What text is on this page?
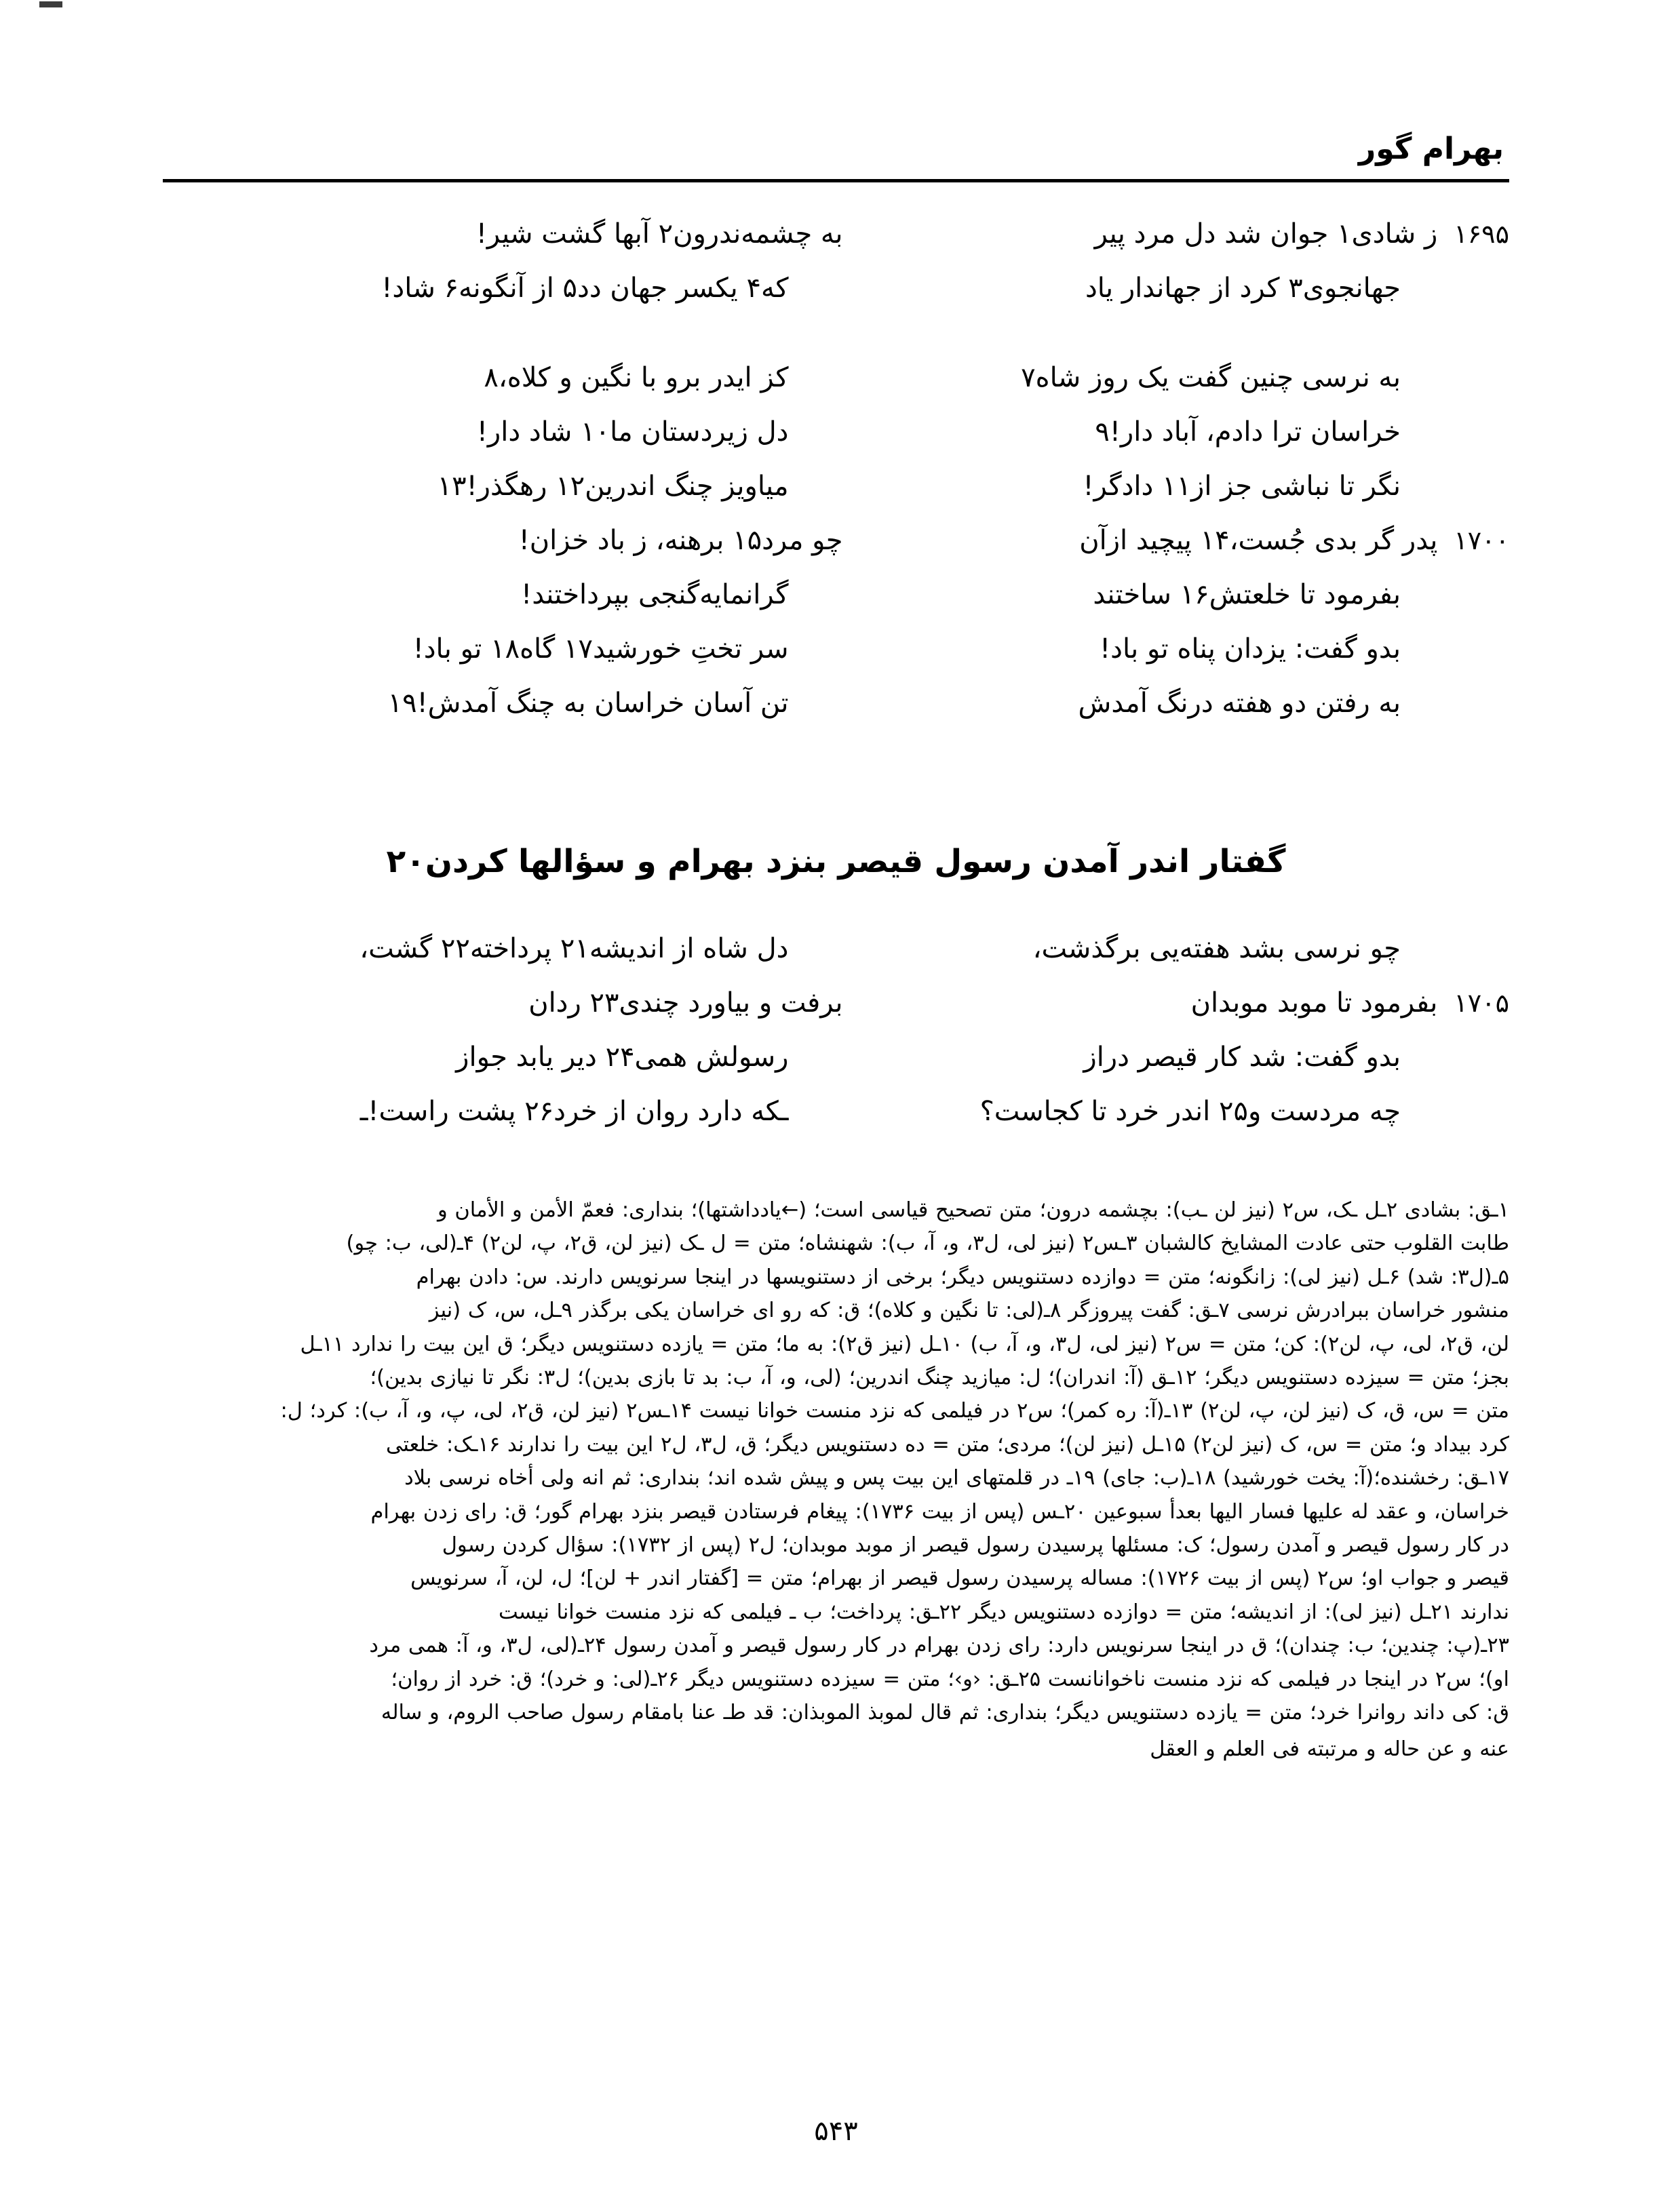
بهرام گور
۱۶۹۵ز شادی۱ جوان شد دل مرد پیر
به چشمه‌ندرون۲ آبها گشت شیر!
جهانجوی۳ کرد از جهاندار یاد
که۴ یکسر جهان دد۵ از آنگونه۶ شاد!
به نرسی چنین گفت یک روز شاه۷
کز ایدر برو با نگین و کلاه،۸
خراسان ترا دادم، آباد دار!۹
دل زیردستان ما۱۰ شاد دار!
نگر تا نباشی جز از۱۱ دادگر!
میاویز چنگ اندرین۱۲ رهگذر!۱۳
۱۷۰۰پدر گر بدی جُست،۱۴ پیچید ازآن
چو مرد۱۵ برهنه، ز باد خزان!
بفرمود تا خلعتش۱۶ ساختند
گرانمایه‌گنجی بپرداختند!
بدو گفت: یزدان پناه تو باد!
سر تختِ خورشید۱۷ گاه۱۸ تو باد!
به رفتن دو هفته درنگ آمدش
تن آسان خراسان به چنگ آمدش!۱۹
گفتار اندر آمدن رسول قیصر بنزد بهرام و سؤالها کردن۲۰
چو نرسی بشد هفته‌یی برگذشت،
دل شاه از اندیشه۲۱ پرداخته۲۲ گشت،
۱۷۰۵بفرمود تا موبد موبدان
برفت و بیاورد چندی۲۳ ردان
بدو گفت: شد کار قیصر دراز
رسولش همی۲۴ دیر یابد جواز
چه مردست و۲۵ اندر خرد تا کجاست؟
ـکه دارد روان از خرد۲۶ پشت راست!ـ
۱ـق: بشادی ۲ـل ـک، س۲ (نیز لن ـب): بچشمه درون؛ متن تصحیح قیاسی است؛ (←یادداشتها)؛ بنداری: فعمّ الأمن و الأمان و
طابت القلوب حتی عادت المشایخ کالشبان ۳ـس۲ (نیز لی، ل۳، و، آ، ب): شهنشاه؛ متن = ل ـک (نیز لن، ق۲، پ، لن۲) ۴ـ(لی، ب: چو)
۵ـ(ل۳: شد) ۶ـل (نیز لی): زانگونه؛ متن = دوازده دستنویس دیگر؛ برخی از دستنویسها در اینجا سرنویس دارند. س: دادن بهرام
منشور خراسان ببرادرش نرسی ۷ـق: گفت پیروزگر ۸ـ(لی: تا نگین و کلاه)؛ ق: که رو ای خراسان یکی برگذر ۹ـل، س، ک (نیز
لن، ق۲، لی، پ، لن۲): کن؛ متن = س۲ (نیز لی، ل۳، و، آ، ب) ۱۰ـل (نیز ق۲): به ما؛ متن = یازده دستنویس دیگر؛ ق این بیت را ندارد ۱۱ـل
بجز؛ متن = سیزده دستنویس دیگر؛ ۱۲ـق (آ: اندران)؛ ل: میازید چنگ اندرین؛ (لی، و، آ، ب: بد تا بازی بدین)؛ ل۳: نگر تا نیازی بدین)؛
متن = س، ق، ک (نیز لن، پ، لن۲) ۱۳ـ(آ: ره کمر)؛ س۲ در فیلمی که نزد منست خوانا نیست ۱۴ـس۲ (نیز لن، ق۲، لی، پ، و، آ، ب): کرد؛ ل:
کرد بیداد و؛ متن = س، ک (نیز لن۲) ۱۵ـل (نیز لن)؛ مردی؛ متن = ده دستنویس دیگر؛ ق، ل۳، ل۲ این بیت را ندارند ۱۶ـک: خلعتی
۱۷ـق: رخشنده؛(آ: یخت خورشید) ۱۸ـ(ب: جای) ۱۹ـ در قلمتهای این بیت پس و پیش شده اند؛ بنداری: ثم انه ولی أخاه نرسی بلاد
خراسان، و عقد له علیها فسار الیها بعدأ سبوعین ۲۰ـس (پس از بیت ۱۷۳۶): پیغام فرستادن قیصر بنزد بهرام گور؛ ق: رای زدن بهرام
در کار رسول قیصر و آمدن رسول؛ ک: مسئلها پرسیدن رسول قیصر از موبد موبدان؛ ل۲ (پس از ۱۷۳۲): سؤال کردن رسول
قیصر و جواب او؛ س۲ (پس از بیت ۱۷۲۶): مساله پرسیدن رسول قیصر از بهرام؛ متن = [گفتار اندر + لن]؛ ل، لن، آ، سرنویس
ندارند ۲۱ـل (نیز لی): از اندیشه؛ متن = دوازده دستنویس دیگر ۲۲ـق: پرداخت؛ ب ـ فیلمی که نزد منست خوانا نیست
۲۳ـ(پ: چندین؛ ب: چندان)؛ ق در اینجا سرنویس دارد: رای زدن بهرام در کار رسول قیصر و آمدن رسول ۲۴ـ(لی، ل۳، و، آ: همی مرد
او)؛ س۲ در اینجا در فیلمی که نزد منست ناخوانانست ۲۵ـق: ‹و›؛ متن = سیزده دستنویس دیگر ۲۶ـ(لی: و خرد)؛ ق: خرد از روان؛
ق: کی داند روانرا خرد؛ متن = یازده دستنویس دیگر؛ بنداری: ثم قال لموبذ الموبذان: قد طـ عنا بامقام رسول صاحب الروم، و ساله
عنه و عن حاله و مرتبته فی العلم و العقل
۵۴۳
